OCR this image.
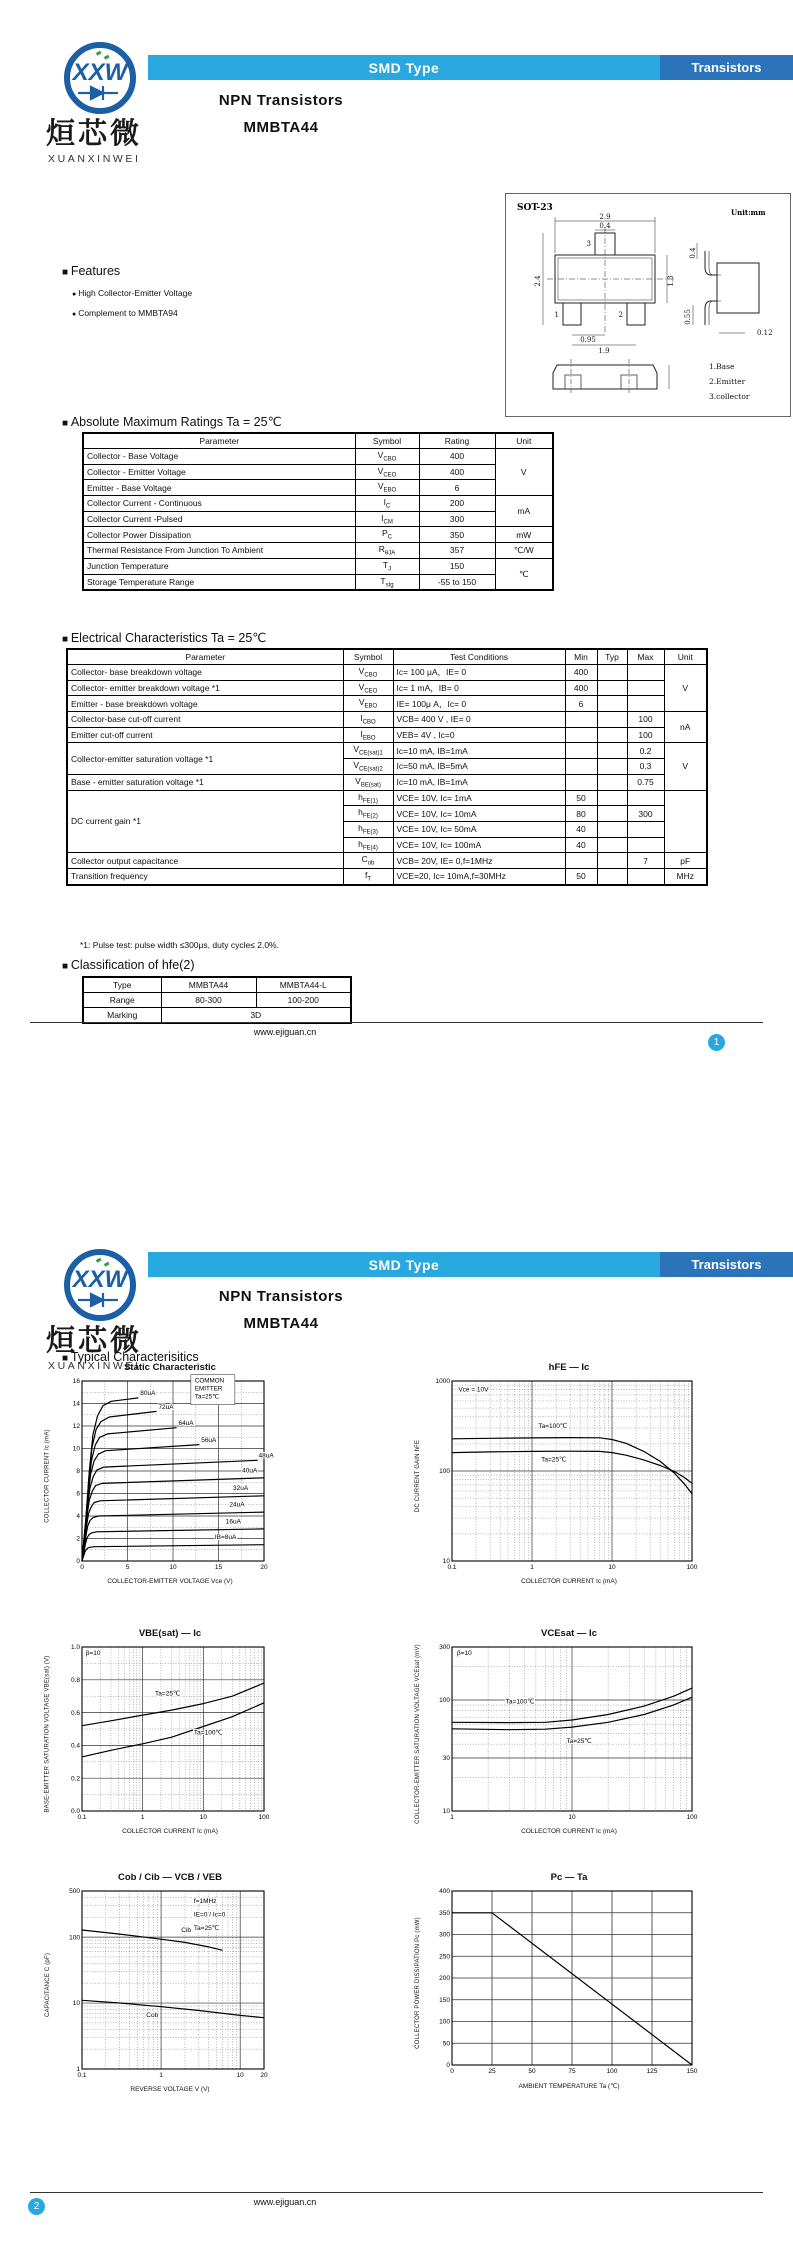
XXW
烜芯微
XUANXINWEI
SMD Type	Transistors
NPN Transistors
MMBTA44
SOT-23	Unit:mm
2.9
0.4
2.4	1.3
0.95
1.9
0.4
0.55
0.12
3
1	2
1.Base
2.Emitter
3.collector
■ Features
● High Collector-Emitter Voltage
● Complement to MMBTA94
■ Absolute Maximum Ratings Ta = 25℃
Parameter	Symbol	Rating	Unit
Collector - Base Voltage	$V_{CBO}$	400	V
Collector - Emitter Voltage	$V_{CEO}$	400	
Emitter - Base Voltage	$V_{EBO}$	6	
Collector Current - Continuous	$I_C$	200	mA
Collector Current -Pulsed	$I_{CM}$	300	
Collector Power Dissipation	$P_C$	350	mW
Thermal Resistance From Junction To Ambient	$R_{\theta JA}$	357	℃/W
Junction Temperature	$T_J$	150	℃
Storage Temperature Range	$T_{stg}$	-55 to 150	
■ Electrical Characteristics Ta = 25℃
Parameter	Symbol	Test Conditions	Min	Typ	Max	Unit
Collector- base breakdown voltage	$V_{CBO}$	Ic= 100 μA，IE= 0	400			V
Collector- emitter breakdown voltage *1	$V_{CEO}$	Ic= 1 mA，IB= 0	400			
Emitter - base breakdown voltage	$V_{EBO}$	IE= 100μ A，Ic= 0	6			
Collector-base cut-off current	$I_{CBO}$	VCB= 400 V , IE= 0			100	nA
Emitter cut-off current	$I_{EBO}$	VEB= 4V , Ic=0			100	
Collector-emitter saturation voltage *1	$V_{CE(sat)1}$	Ic=10 mA, IB=1mA			0.2	V
	$V_{CE(sat)2}$	Ic=50 mA, IB=5mA			0.3	
Base - emitter saturation voltage *1	$V_{BE(sat)}$	Ic=10 mA, IB=1mA			0.75	
DC current gain *1	$h_{FE(1)}$	VCE= 10V, Ic= 1mA	50			
	$h_{FE(2)}$	VCE= 10V, Ic= 10mA	80		300	
	$h_{FE(3)}$	VCE= 10V, Ic= 50mA	40			
	$h_{FE(4)}$	VCE= 10V, Ic= 100mA	40			
Collector output capacitance	$C_{ob}$	VCB= 20V, IE= 0,f=1MHz			7	pF
Transition frequency	$f_T$	VCE=20, Ic= 10mA,f=30MHz	50			MHz
*1: Pulse test: pulse width ≤300μs, duty cycle≤ 2.0%.
■ Classification of hfe(2)
Type	MMBTA44	MMBTA44-L
Range	80-300	100-200
Marking	3D	
www.ejiguan.cn
1
XXW
烜芯微
XUANXINWEI
SMD Type	Transistors
NPN Transistors
MMBTA44
■ Typical Characterisitics
Static Characteristic
COLLECTOR CURRENT Ic (mA)
0	5	10	15	20
0
2
4
6
8
10
12
14
16
80uA
72uA
64uA
56uA
48uA
40uA
32uA
24uA
16uA
IB=8uA
COMMON
EMITTER
Ta=25℃
COLLECTOR-EMITTER VOLTAGE Vce (V)
hFE — Ic
DC CURRENT GAIN hFE
0.1	1	10	100
10
100
1000
Ta=100℃
Ta=25℃
Vce = 10V
COLLECTOR CURRENT Ic (mA)
VBE(sat) — Ic
BASE-EMITTER SATURATION VOLTAGE VBE(sat) (V)
0.1	1	10	100
0.0
0.2
0.4
0.6
0.8
1.0
Ta=25℃
Ta=100℃
β=10
COLLECTOR CURRENT Ic (mA)
VCEsat — Ic
COLLECTOR-EMITTER SATURATION VOLTAGE VCEsat (mV)	1	10	100
10
30
100
300
Ta=100℃
Ta=25℃
β=10
COLLECTOR CURRENT Ic (mA)
Cob / Cib — VCB / VEB
CAPACITANCE C (pF)
0.1	1	10	20
1
10
100
500
Cib
Cob
f=1MHz
IE=0 / Ic=0
Ta=25℃
REVERSE VOLTAGE V (V)
Pc — Ta
COLLECTOR POWER DISSIPATION Pc (mW)
0	25	50	75	100	125	150
0
50
100
150
200
250
300
350
400
AMBIENT TEMPERATURE Ta (℃)
www.ejiguan.cn
2
